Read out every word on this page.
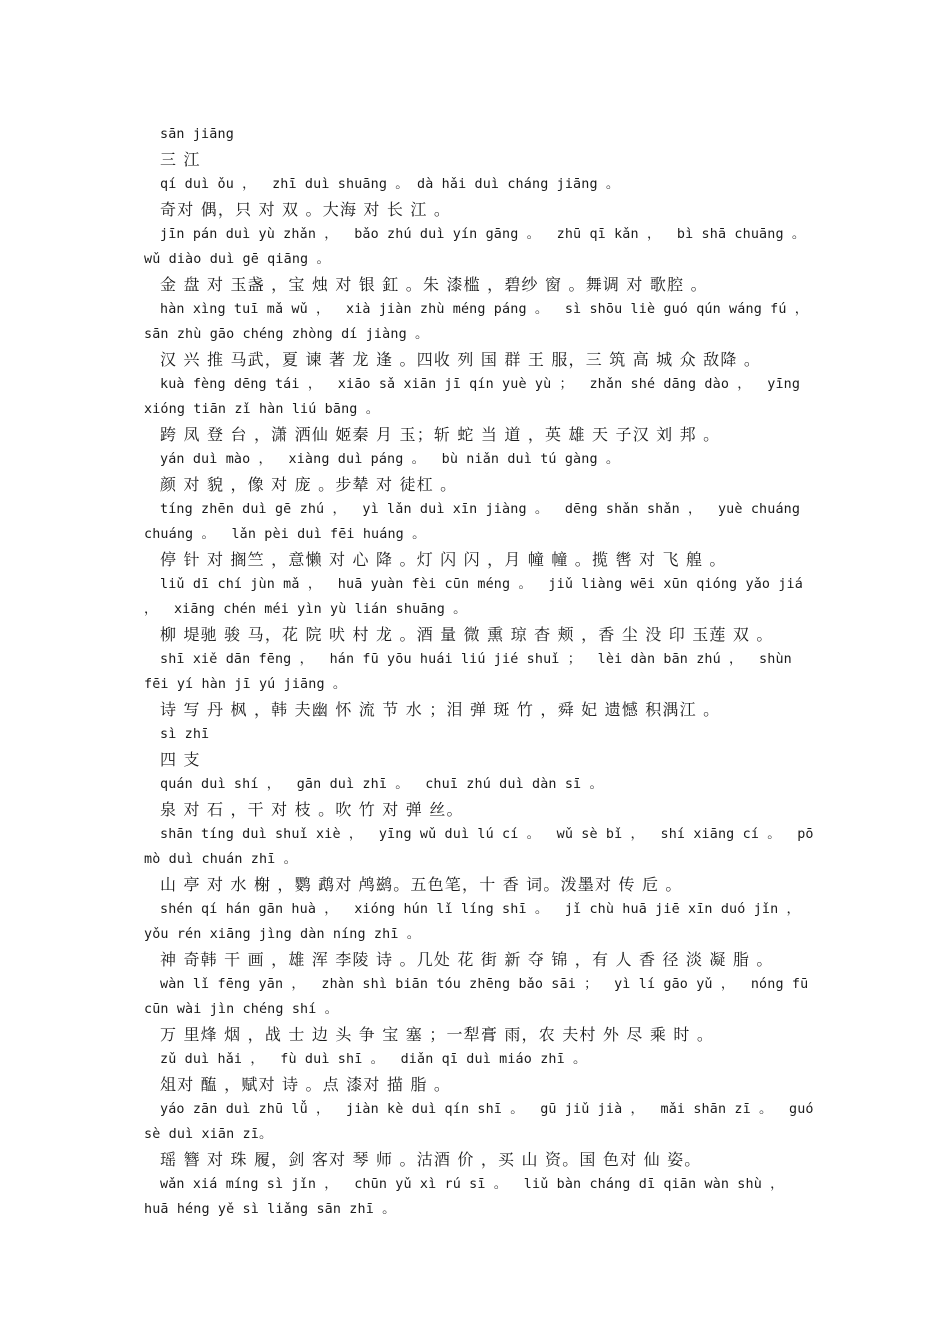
sān jiāng

三 江

qí duì ǒu ，  zhī duì shuāng 。 dà hǎi duì cháng jiāng 。

奇对 偶，只 对 双 。大海 对 长 江 。

jīn pán duì yù zhǎn ，  bǎo zhú duì yín gāng 。  zhū qī kǎn ，  bì shā chuāng 。  wǔ diào duì gē qiāng 。

金 盘 对 玉盏 ，宝 烛 对 银 釭 。朱 漆槛 ，碧纱 窗 。舞调 对 歌腔 。

hàn xìng tuī mǎ wǔ ，  xià jiàn zhù méng páng 。  sì shōu liè guó qún wáng fú ，  sān zhù gāo chéng zhòng dí jiàng 。

汉 兴 推 马武，夏 谏 著 龙 逢 。四收 列 国 群 王 服，三 筑 高 城 众 敌降 。

kuà fèng dēng tái ，  xiāo sǎ xiān jī qín yuè yù ；  zhǎn shé dāng dào ，  yīng xióng tiān zǐ hàn liú bāng 。

跨 凤 登 台 ，潇 洒仙 姬秦 月 玉；斩 蛇 当 道 ，英 雄 天 子汉 刘 邦 。

yán duì mào ，  xiàng duì páng 。  bù niǎn duì tú gàng 。

颜 对 貌 ，像 对 庞 。步辇 对 徒杠 。

tíng zhēn duì gē zhú ，  yì lǎn duì xīn jiàng 。  dēng shǎn shǎn ，  yuè chuáng chuáng 。  lǎn pèi duì fēi huáng 。

停 针 对 搁竺 ，意懒 对 心 降 。灯 闪 闪 ，月 幢 幢 。揽 辔 对 飞 艎 。

liǔ dī chí jùn mǎ ，  huā yuàn fèi cūn méng 。  jiǔ liàng wēi xūn qióng yǎo jiá ，  xiāng chén méi yìn yù lián shuāng 。

柳 堤驰 骏 马，花 院 吠 村 龙 。酒 量 微 熏 琼 杳 颊 ，香 尘 没 印 玉莲 双 。

shī xiě dān fēng ，  hán fū yōu huái liú jié shuǐ ；  lèi dàn bān zhú ，  shùn fēi yí hàn jī yú jiāng 。

诗 写 丹 枫 ，韩 夫幽 怀 流 节 水 ；泪 弹 斑 竹 ，舜 妃 遗憾 积湡江 。

sì zhī

四 支

quán duì shí ，  gān duì zhī 。  chuī zhú duì dàn sī 。

泉 对 石 ，干 对 枝 。吹 竹 对 弹 丝。

shān tíng duì shuǐ xiè ，  yīng wǔ duì lú cí 。  wǔ sè bǐ ，  shí xiāng cí 。  pō mò duì chuán zhī 。

山 亭 对 水 榭 ，鹦 鹉对 鸬鹚。五色笔，十 香 词。泼墨对 传 卮 。

shén qí hán gān huà ，  xióng hún lǐ líng shī 。  jǐ chù huā jiē xīn duó jǐn ，  yǒu rén xiāng jìng dàn níng zhī 。

神 奇韩 干 画 ，雄 浑 李陵 诗 。几处 花 街 新 夺 锦 ，有 人 香 径 淡 凝 脂 。

wàn lǐ fēng yān ，  zhàn shì biān tóu zhēng bǎo sāi ；  yì lí gāo yǔ ，  nóng fū cūn wài jìn chéng shí 。

万 里烽 烟 ，战 士 边 头 争 宝 塞 ；一犁膏 雨，农 夫村 外 尽 乘 时 。

zǔ duì hǎi ，  fù duì shī 。  diǎn qī duì miáo zhī 。

俎对 醢 ，赋对 诗 。点 漆对 描 脂 。

yáo zān duì zhū lǚ ，  jiàn kè duì qín shī 。  gū jiǔ jià ，  mǎi shān zī 。  guó sè duì xiān zī。

瑶 簪 对 珠 履，剑 客对 琴 师 。沽酒 价 ，买 山 资。国 色对 仙 姿。

wǎn xiá míng sì jǐn ，  chūn yǔ xì rú sī 。  liǔ bàn cháng dī qiān wàn shù ，  huā héng yě sì liǎng sān zhī 。
